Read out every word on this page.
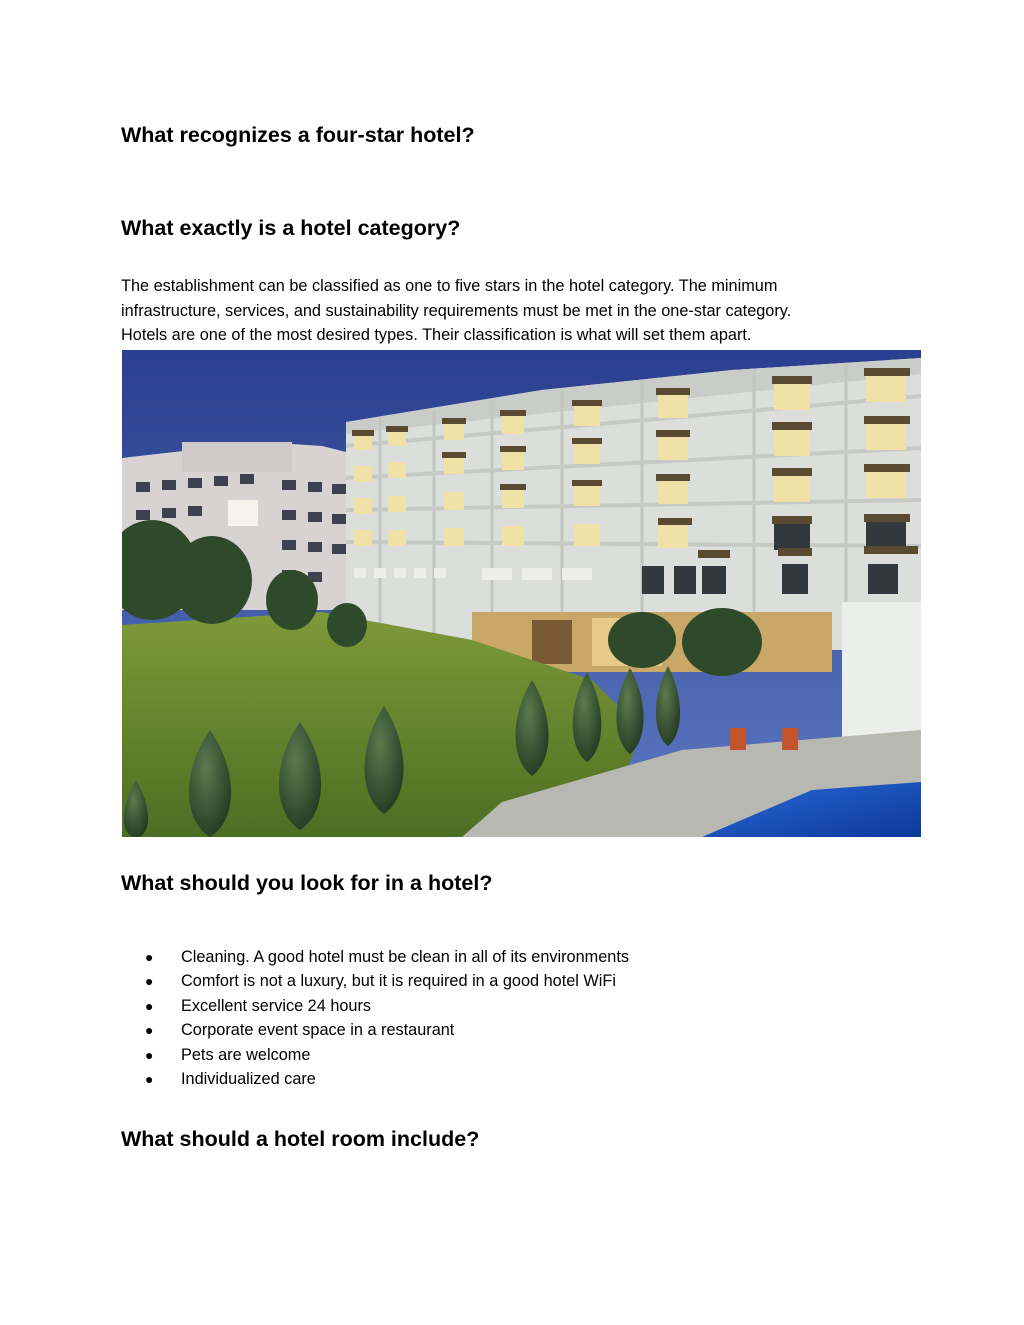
What recognizes a four-star hotel?
What exactly is a hotel category?

The establishment can be classified as one to five stars in the hotel category. The minimum
infrastructure, services, and sustainability requirements must be met in the one-star category.
Hotels are one of the most desired types. Their classification is what will set them apart.

What should you look for in a hotel?
● Cleaning. A good hotel must be clean in all of its environments
● Comfort is not a luxury, but it is required in a good hotel WiFi
● Excellent service 24 hours
● Corporate event space in a restaurant
● Pets are welcome
● Individualized care
What should a hotel room include?
